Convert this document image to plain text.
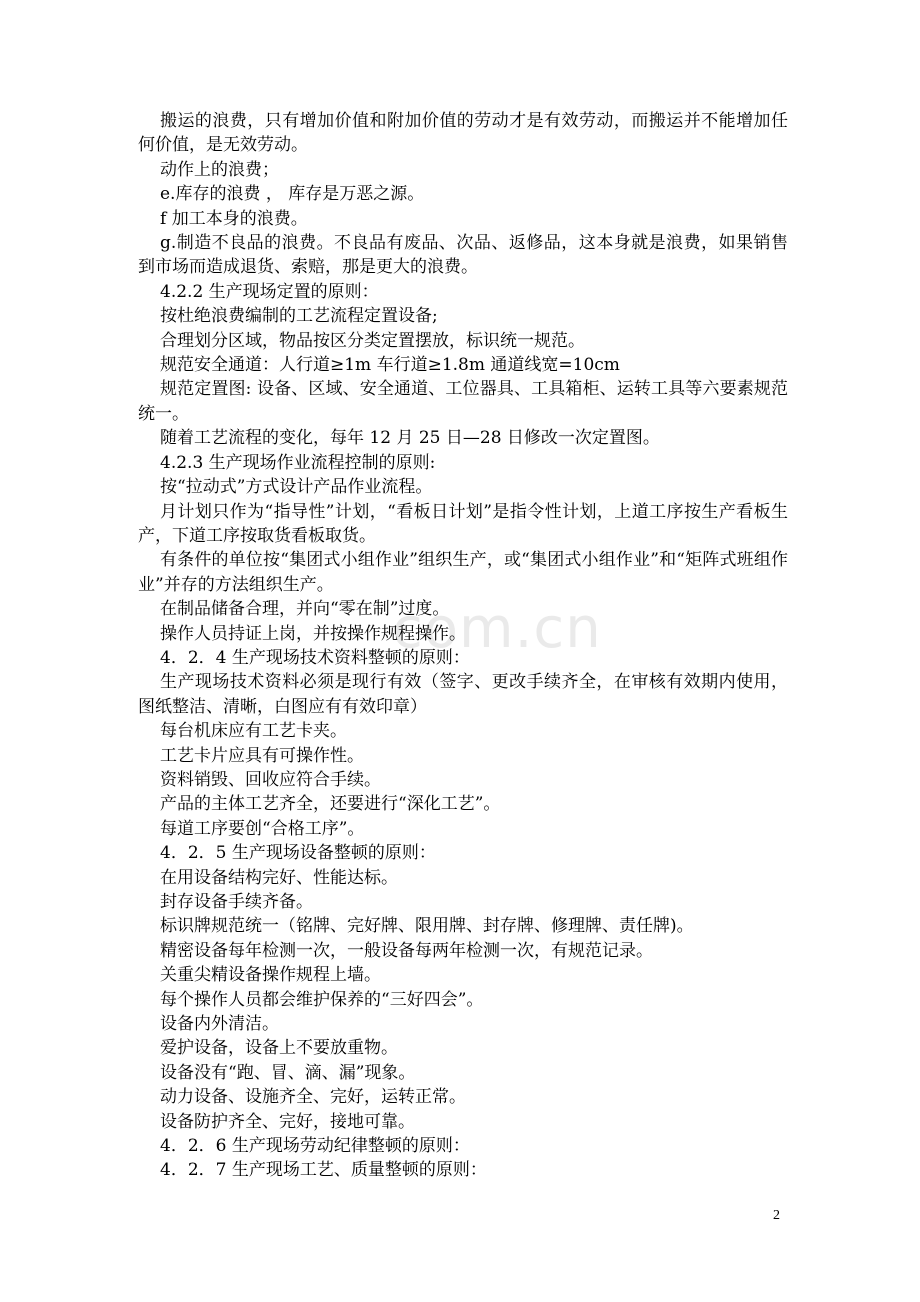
com.cn

搬运的浪费，只有增加价值和附加价值的劳动才是有效劳动，而搬运并不能增加任何价值，是无效劳动。

动作上的浪费；

e.库存的浪费 ， 库存是万恶之源。

f 加工本身的浪费。

g.制造不良品的浪费。不良品有废品、次品、返修品，这本身就是浪费，如果销售到市场而造成退货、索赔，那是更大的浪费。

4.2.2 生产现场定置的原则：

按杜绝浪费编制的工艺流程定置设备;

合理划分区域，物品按区分类定置摆放，标识统一规范。

规范安全通道：人行道≥1m 车行道≥1.8m 通道线宽=10cm

规范定置图: 设备、区域、安全通道、工位器具、工具箱柜、运转工具等六要素规范统一。

随着工艺流程的变化，每年 12 月 25 日—28 日修改一次定置图。

4.2.3 生产现场作业流程控制的原则:

按“拉动式”方式设计产品作业流程。

月计划只作为“指导性”计划，“看板日计划”是指令性计划，上道工序按生产看板生产，下道工序按取货看板取货。

有条件的单位按“集团式小组作业”组织生产，或“集团式小组作业”和“矩阵式班组作业”并存的方法组织生产。

在制品储备合理，并向“零在制”过度。

操作人员持证上岗，并按操作规程操作。

4．2．4 生产现场技术资料整顿的原则：

生产现场技术资料必须是现行有效（签字、更改手续齐全，在审核有效期内使用，图纸整洁、清晰，白图应有有效印章）

每台机床应有工艺卡夹。

工艺卡片应具有可操作性。

资料销毁、回收应符合手续。

产品的主体工艺齐全，还要进行“深化工艺”。

每道工序要创“合格工序”。

4．2．5 生产现场设备整顿的原则：

在用设备结构完好、性能达标。

封存设备手续齐备。

标识牌规范统一（铭牌、完好牌、限用牌、封存牌、修理牌、责任牌)。

精密设备每年检测一次，一般设备每两年检测一次，有规范记录。

关重尖精设备操作规程上墙。

每个操作人员都会维护保养的“三好四会”。

设备内外清洁。

爱护设备，设备上不要放重物。

设备没有“跑、冒、滴、漏”现象。

动力设备、设施齐全、完好，运转正常。

设备防护齐全、完好，接地可靠。

4．2．6 生产现场劳动纪律整顿的原则：

4．2．7 生产现场工艺、质量整顿的原则：

2
